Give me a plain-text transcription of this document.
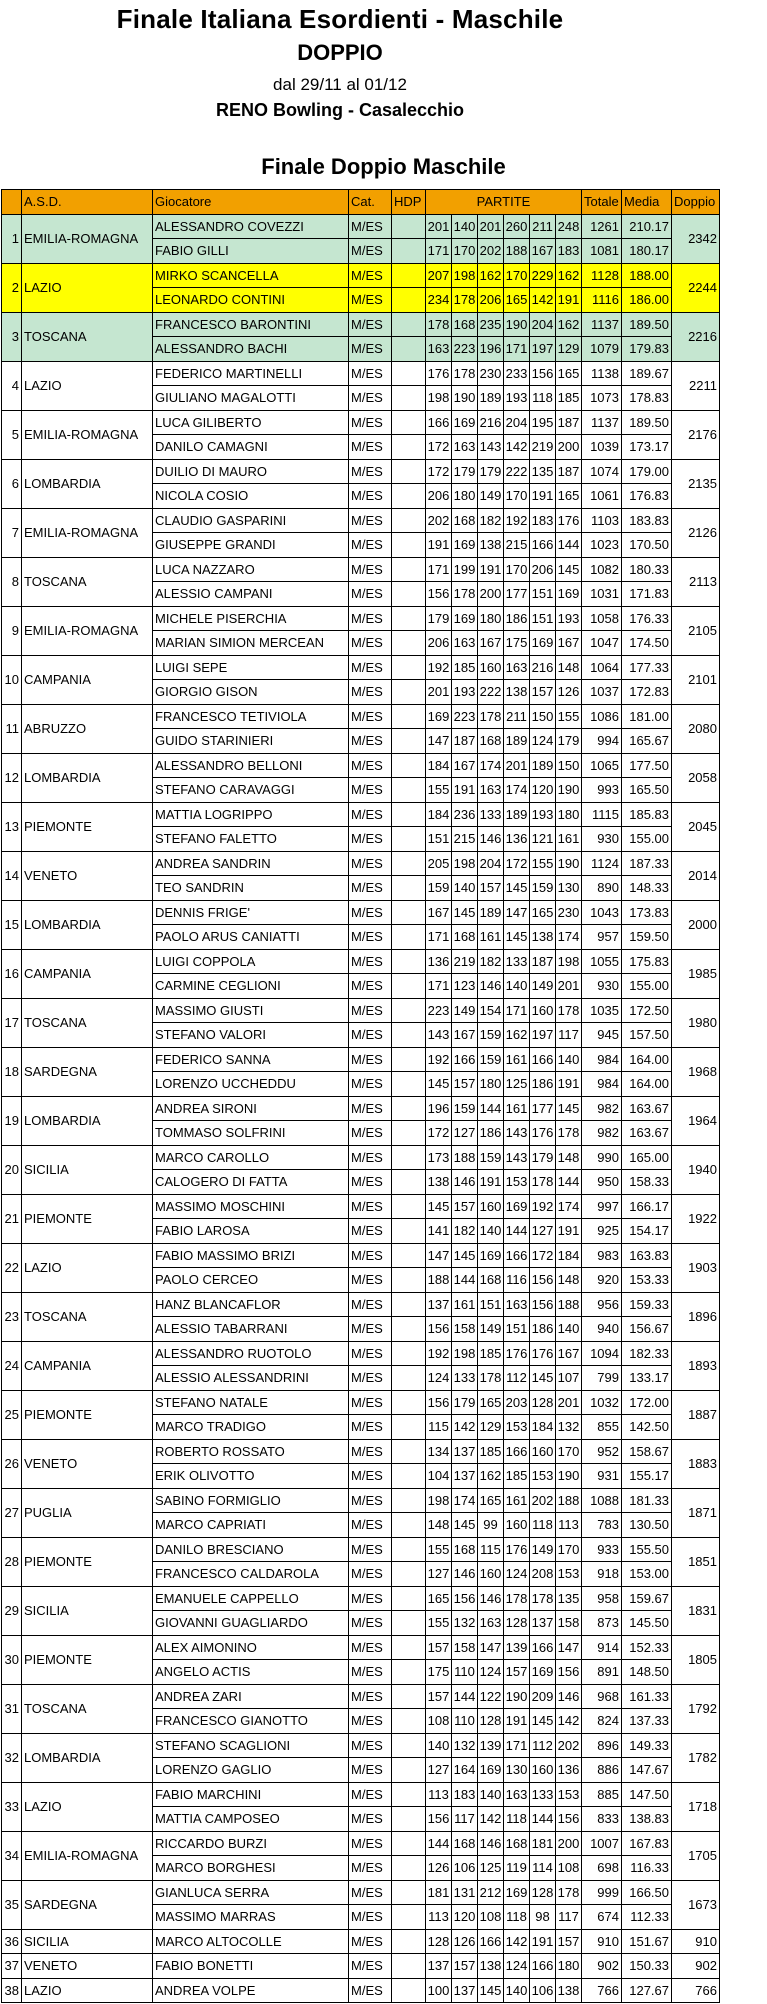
Finale Italiana Esordienti - Maschile
DOPPIO
dal 29/11 al 01/12
RENO Bowling - Casalecchio
Finale Doppio Maschile
	A.S.D.	Giocatore	Cat.	HDP	PARTITE						Totale	Media	Doppio
1	EMILIA-ROMAGNA	ALESSANDRO COVEZZI	M/ES		201	140	201	260	211	248	1261	210.17	2342
		FABIO GILLI	M/ES		171	170	202	188	167	183	1081	180.17	
2	LAZIO	MIRKO SCANCELLA	M/ES		207	198	162	170	229	162	1128	188.00	2244
		LEONARDO CONTINI	M/ES		234	178	206	165	142	191	1116	186.00	
3	TOSCANA	FRANCESCO BARONTINI	M/ES		178	168	235	190	204	162	1137	189.50	2216
		ALESSANDRO BACHI	M/ES		163	223	196	171	197	129	1079	179.83	
4	LAZIO	FEDERICO MARTINELLI	M/ES		176	178	230	233	156	165	1138	189.67	2211
		GIULIANO MAGALOTTI	M/ES		198	190	189	193	118	185	1073	178.83	
5	EMILIA-ROMAGNA	LUCA GILIBERTO	M/ES		166	169	216	204	195	187	1137	189.50	2176
		DANILO CAMAGNI	M/ES		172	163	143	142	219	200	1039	173.17	
6	LOMBARDIA	DUILIO DI MAURO	M/ES		172	179	179	222	135	187	1074	179.00	2135
		NICOLA COSIO	M/ES		206	180	149	170	191	165	1061	176.83	
7	EMILIA-ROMAGNA	CLAUDIO GASPARINI	M/ES		202	168	182	192	183	176	1103	183.83	2126
		GIUSEPPE GRANDI	M/ES		191	169	138	215	166	144	1023	170.50	
8	TOSCANA	LUCA NAZZARO	M/ES		171	199	191	170	206	145	1082	180.33	2113
		ALESSIO CAMPANI	M/ES		156	178	200	177	151	169	1031	171.83	
9	EMILIA-ROMAGNA	MICHELE PISERCHIA	M/ES		179	169	180	186	151	193	1058	176.33	2105
		MARIAN SIMION MERCEAN	M/ES		206	163	167	175	169	167	1047	174.50	
10	CAMPANIA	LUIGI SEPE	M/ES		192	185	160	163	216	148	1064	177.33	2101
		GIORGIO GISON	M/ES		201	193	222	138	157	126	1037	172.83	
11	ABRUZZO	FRANCESCO TETIVIOLA	M/ES		169	223	178	211	150	155	1086	181.00	2080
		GUIDO STARINIERI	M/ES		147	187	168	189	124	179	994	165.67	
12	LOMBARDIA	ALESSANDRO BELLONI	M/ES		184	167	174	201	189	150	1065	177.50	2058
		STEFANO CARAVAGGI	M/ES		155	191	163	174	120	190	993	165.50	
13	PIEMONTE	MATTIA LOGRIPPO	M/ES		184	236	133	189	193	180	1115	185.83	2045
		STEFANO FALETTO	M/ES		151	215	146	136	121	161	930	155.00	
14	VENETO	ANDREA SANDRIN	M/ES		205	198	204	172	155	190	1124	187.33	2014
		TEO SANDRIN	M/ES		159	140	157	145	159	130	890	148.33	
15	LOMBARDIA	DENNIS FRIGE'	M/ES		167	145	189	147	165	230	1043	173.83	2000
		PAOLO ARUS CANIATTI	M/ES		171	168	161	145	138	174	957	159.50	
16	CAMPANIA	LUIGI COPPOLA	M/ES		136	219	182	133	187	198	1055	175.83	1985
		CARMINE CEGLIONI	M/ES		171	123	146	140	149	201	930	155.00	
17	TOSCANA	MASSIMO GIUSTI	M/ES		223	149	154	171	160	178	1035	172.50	1980
		STEFANO VALORI	M/ES		143	167	159	162	197	117	945	157.50	
18	SARDEGNA	FEDERICO SANNA	M/ES		192	166	159	161	166	140	984	164.00	1968
		LORENZO UCCHEDDU	M/ES		145	157	180	125	186	191	984	164.00	
19	LOMBARDIA	ANDREA SIRONI	M/ES		196	159	144	161	177	145	982	163.67	1964
		TOMMASO SOLFRINI	M/ES		172	127	186	143	176	178	982	163.67	
20	SICILIA	MARCO CAROLLO	M/ES		173	188	159	143	179	148	990	165.00	1940
		CALOGERO DI FATTA	M/ES		138	146	191	153	178	144	950	158.33	
21	PIEMONTE	MASSIMO MOSCHINI	M/ES		145	157	160	169	192	174	997	166.17	1922
		FABIO LAROSA	M/ES		141	182	140	144	127	191	925	154.17	
22	LAZIO	FABIO MASSIMO BRIZI	M/ES		147	145	169	166	172	184	983	163.83	1903
		PAOLO CERCEO	M/ES		188	144	168	116	156	148	920	153.33	
23	TOSCANA	HANZ BLANCAFLOR	M/ES		137	161	151	163	156	188	956	159.33	1896
		ALESSIO TABARRANI	M/ES		156	158	149	151	186	140	940	156.67	
24	CAMPANIA	ALESSANDRO RUOTOLO	M/ES		192	198	185	176	176	167	1094	182.33	1893
		ALESSIO ALESSANDRINI	M/ES		124	133	178	112	145	107	799	133.17	
25	PIEMONTE	STEFANO NATALE	M/ES		156	179	165	203	128	201	1032	172.00	1887
		MARCO TRADIGO	M/ES		115	142	129	153	184	132	855	142.50	
26	VENETO	ROBERTO ROSSATO	M/ES		134	137	185	166	160	170	952	158.67	1883
		ERIK OLIVOTTO	M/ES		104	137	162	185	153	190	931	155.17	
27	PUGLIA	SABINO FORMIGLIO	M/ES		198	174	165	161	202	188	1088	181.33	1871
		MARCO CAPRIATI	M/ES		148	145	99	160	118	113	783	130.50	
28	PIEMONTE	DANILO BRESCIANO	M/ES		155	168	115	176	149	170	933	155.50	1851
		FRANCESCO CALDAROLA	M/ES		127	146	160	124	208	153	918	153.00	
29	SICILIA	EMANUELE CAPPELLO	M/ES		165	156	146	178	178	135	958	159.67	1831
		GIOVANNI GUAGLIARDO	M/ES		155	132	163	128	137	158	873	145.50	
30	PIEMONTE	ALEX AIMONINO	M/ES		157	158	147	139	166	147	914	152.33	1805
		ANGELO ACTIS	M/ES		175	110	124	157	169	156	891	148.50	
31	TOSCANA	ANDREA ZARI	M/ES		157	144	122	190	209	146	968	161.33	1792
		FRANCESCO GIANOTTO	M/ES		108	110	128	191	145	142	824	137.33	
32	LOMBARDIA	STEFANO SCAGLIONI	M/ES		140	132	139	171	112	202	896	149.33	1782
		LORENZO GAGLIO	M/ES		127	164	169	130	160	136	886	147.67	
33	LAZIO	FABIO MARCHINI	M/ES		113	183	140	163	133	153	885	147.50	1718
		MATTIA CAMPOSEO	M/ES		156	117	142	118	144	156	833	138.83	
34	EMILIA-ROMAGNA	RICCARDO BURZI	M/ES		144	168	146	168	181	200	1007	167.83	1705
		MARCO BORGHESI	M/ES		126	106	125	119	114	108	698	116.33	
35	SARDEGNA	GIANLUCA SERRA	M/ES		181	131	212	169	128	178	999	166.50	1673
		MASSIMO MARRAS	M/ES		113	120	108	118	98	117	674	112.33	
36	SICILIA	MARCO ALTOCOLLE	M/ES		128	126	166	142	191	157	910	151.67	910
37	VENETO	FABIO BONETTI	M/ES		137	157	138	124	166	180	902	150.33	902
38	LAZIO	ANDREA VOLPE	M/ES		100	137	145	140	106	138	766	127.67	766
